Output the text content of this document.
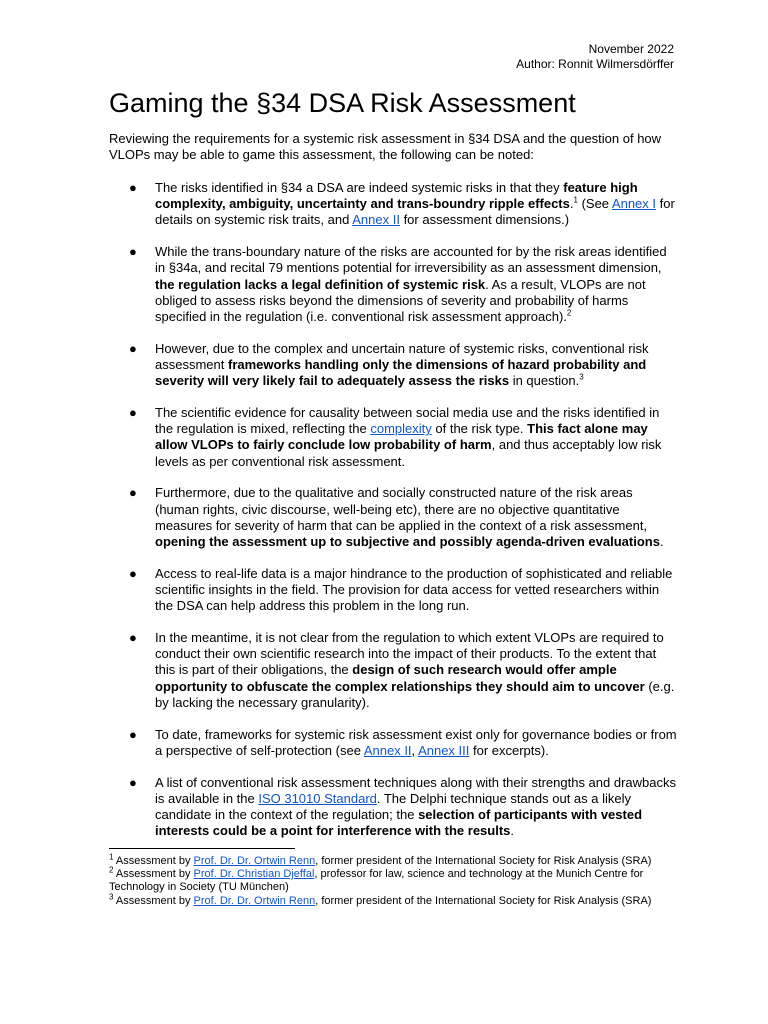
November 2022
Author: Ronnit Wilmersdörffer
Gaming the §34 DSA Risk Assessment

Reviewing the requirements for a systemic risk assessment in §34 DSA and the question of how VLOPs may be able to game this assessment, the following can be noted:

● The risks identified in §34 a DSA are indeed systemic risks in that they feature high complexity, ambiguity, uncertainty and trans-boundry ripple effects.$^1$ (See Annex I for details on systemic risk traits, and Annex II for assessment dimensions.)
● While the trans-boundary nature of the risks are accounted for by the risk areas identified in §34a, and recital 79 mentions potential for irreversibility as an assessment dimension, the regulation lacks a legal definition of systemic risk. As a result, VLOPs are not obliged to assess risks beyond the dimensions of severity and probability of harms specified in the regulation (i.e. conventional risk assessment approach).$^2$
● However, due to the complex and uncertain nature of systemic risks, conventional risk assessment frameworks handling only the dimensions of hazard probability and severity will very likely fail to adequately assess the risks in question.$^3$
● The scientific evidence for causality between social media use and the risks identified in the regulation is mixed, reflecting the complexity of the risk type. This fact alone may allow VLOPs to fairly conclude low probability of harm, and thus acceptably low risk levels as per conventional risk assessment.
● Furthermore, due to the qualitative and socially constructed nature of the risk areas (human rights, civic discourse, well-being etc), there are no objective quantitative measures for severity of harm that can be applied in the context of a risk assessment, opening the assessment up to subjective and possibly agenda-driven evaluations.
● Access to real-life data is a major hindrance to the production of sophisticated and reliable scientific insights in the field. The provision for data access for vetted researchers within the DSA can help address this problem in the long run.
● In the meantime, it is not clear from the regulation to which extent VLOPs are required to conduct their own scientific research into the impact of their products. To the extent that this is part of their obligations, the design of such research would offer ample opportunity to obfuscate the complex relationships they should aim to uncover (e.g. by lacking the necessary granularity).
● To date, frameworks for systemic risk assessment exist only for governance bodies or from a perspective of self-protection (see Annex II, Annex III for excerpts).
● A list of conventional risk assessment techniques along with their strengths and drawbacks is available in the ISO 31010 Standard. The Delphi technique stands out as a likely candidate in the context of the regulation; the selection of participants with vested interests could be a point for interference with the results.

$^1$ Assessment by Prof. Dr. Dr. Ortwin Renn, former president of the International Society for Risk Analysis (SRA)

$^2$ Assessment by Prof. Dr. Christian Djeffal, professor for law, science and technology at the Munich Centre for Technology in Society (TU München)

$^3$ Assessment by Prof. Dr. Dr. Ortwin Renn, former president of the International Society for Risk Analysis (SRA)
